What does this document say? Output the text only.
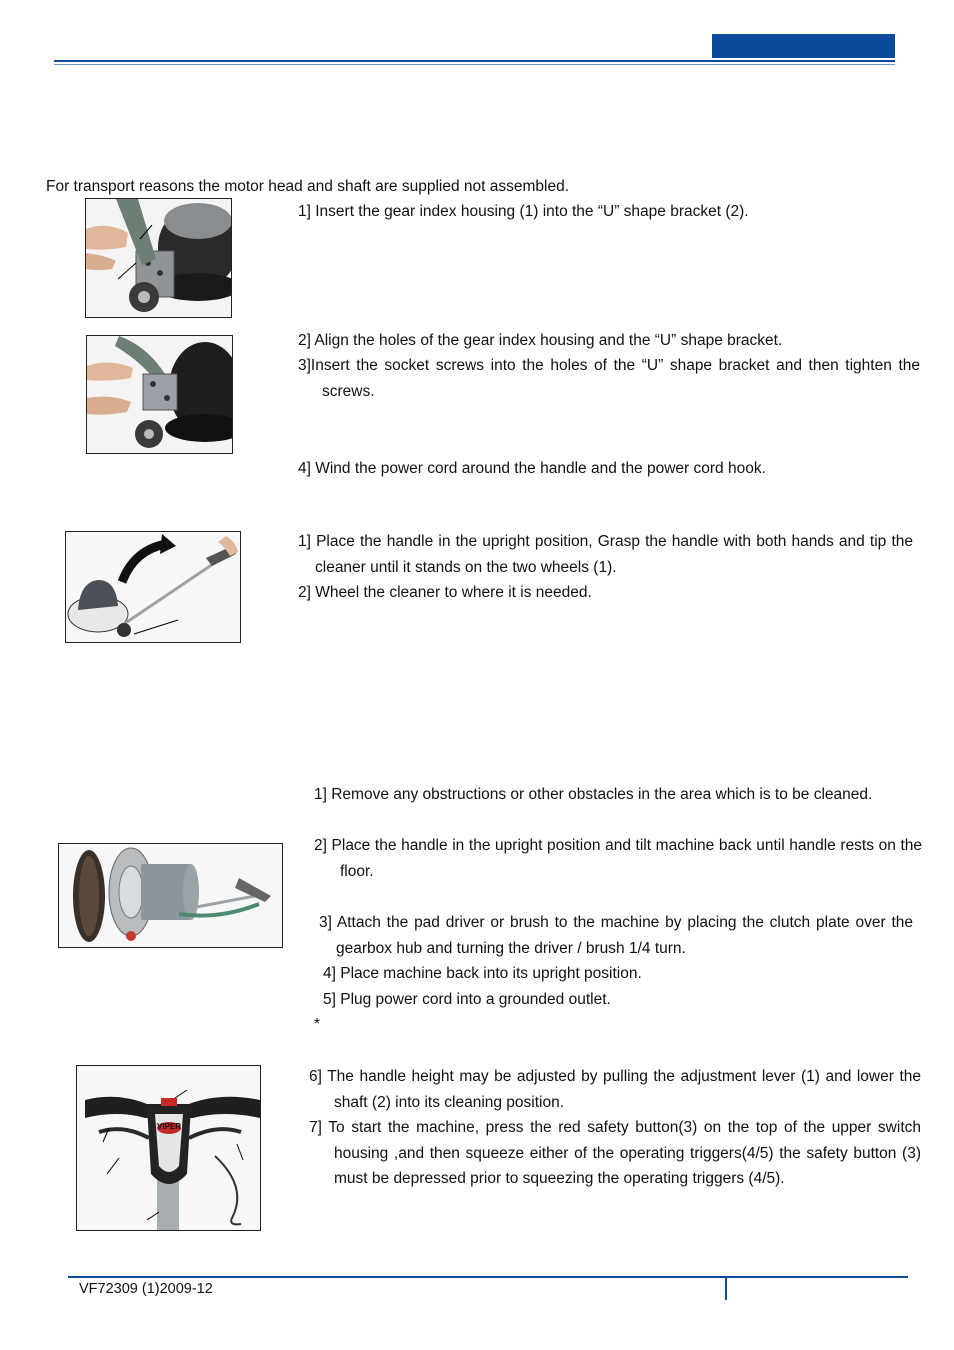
For transport reasons the motor head and shaft are supplied not assembled.
1] Insert the gear index housing (1) into the “U” shape bracket (2).
2] Align the holes of the gear index housing and the “U” shape bracket.
3]Insert the socket screws into the holes of the “U” shape bracket and then tighten the screws.
4] Wind the power cord around the handle and the power cord hook.
1] Place the handle in the upright position, Grasp the handle with both hands and tip the cleaner until it stands on the two wheels (1).
2] Wheel the cleaner to where it is needed.
1] Remove any obstructions or other obstacles in the area which is to be cleaned.
2] Place the handle in the upright position and tilt machine back until handle rests on the floor.
3] Attach the pad driver or brush to the machine by placing the clutch plate over the gearbox hub and turning the driver / brush 1/4 turn.
4] Place machine back into its upright position.
5] Plug power cord into a grounded outlet.
*
VIPER
6] The handle height may be adjusted by pulling the adjustment lever (1) and lower the shaft (2) into its cleaning position.
7] To start the machine, press the red safety button(3) on the top of the upper switch housing ,and then squeeze either of the operating triggers(4/5) the safety button (3) must be depressed prior to squeezing the operating triggers (4/5).
VF72309 (1)2009-12
